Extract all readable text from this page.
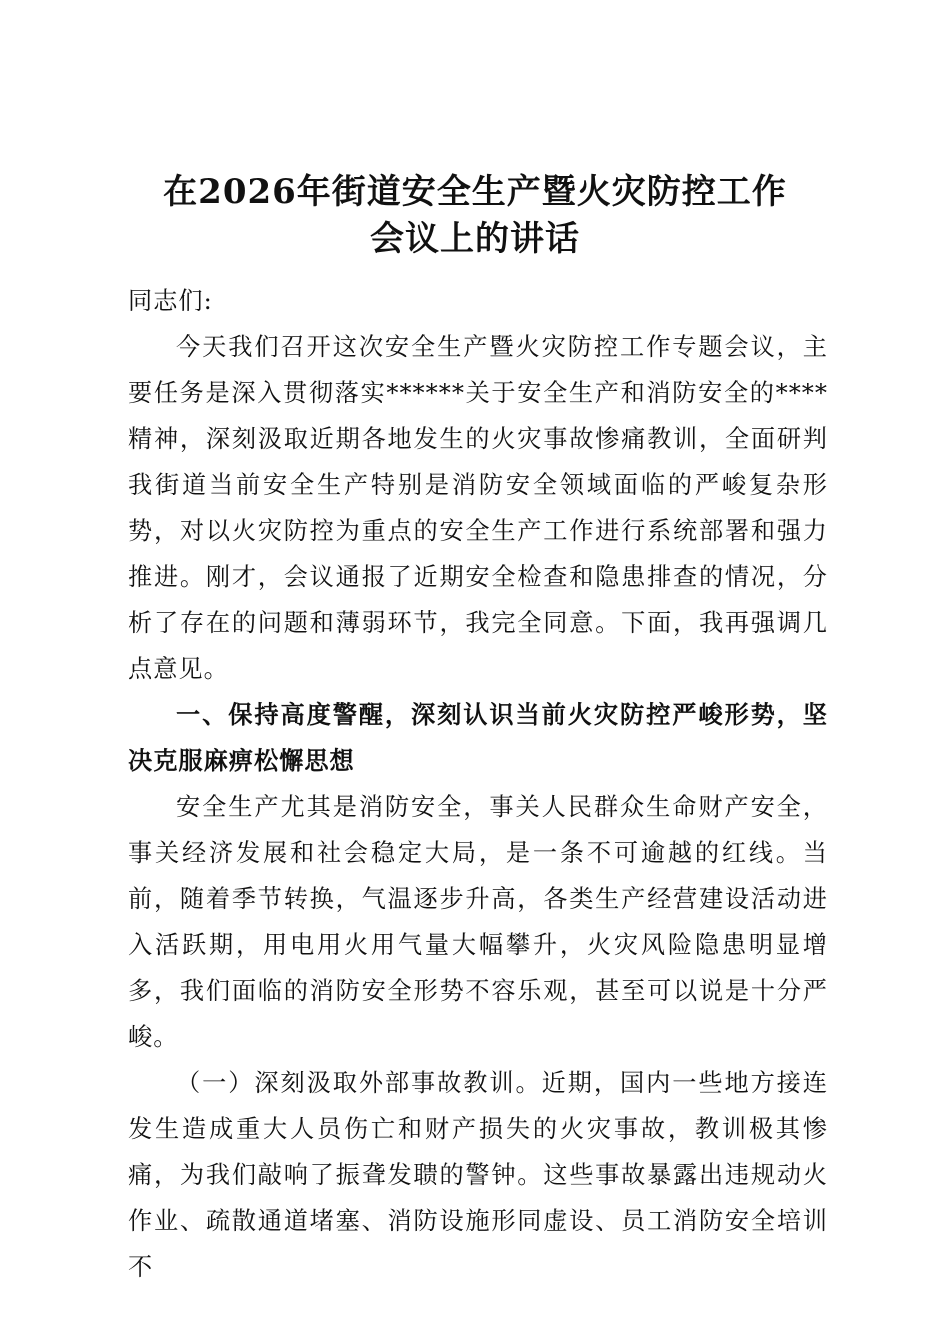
在2026年街道安全生产暨火灾防控工作
会议上的讲话

同志们:

今天我们召开这次安全生产暨火灾防控工作专题会议，主要任务是深入贯彻落实******关于安全生产和消防安全的****精神，深刻汲取近期各地发生的火灾事故惨痛教训，全面研判我街道当前安全生产特别是消防安全领域面临的严峻复杂形势，对以火灾防控为重点的安全生产工作进行系统部署和强力推进。刚才，会议通报了近期安全检查和隐患排查的情况，分析了存在的问题和薄弱环节，我完全同意。下面，我再强调几点意见。

一、保持高度警醒，深刻认识当前火灾防控严峻形势，坚决克服麻痹松懈思想

安全生产尤其是消防安全，事关人民群众生命财产安全，事关经济发展和社会稳定大局，是一条不可逾越的红线。当前，随着季节转换，气温逐步升高，各类生产经营建设活动进入活跃期，用电用火用气量大幅攀升，火灾风险隐患明显增多，我们面临的消防安全形势不容乐观，甚至可以说是十分严峻。

（一）深刻汲取外部事故教训。近期，国内一些地方接连发生造成重大人员伤亡和财产损失的火灾事故，教训极其惨痛，为我们敲响了振聋发聩的警钟。这些事故暴露出违规动火作业、疏散通道堵塞、消防设施形同虚设、员工消防安全培训不
